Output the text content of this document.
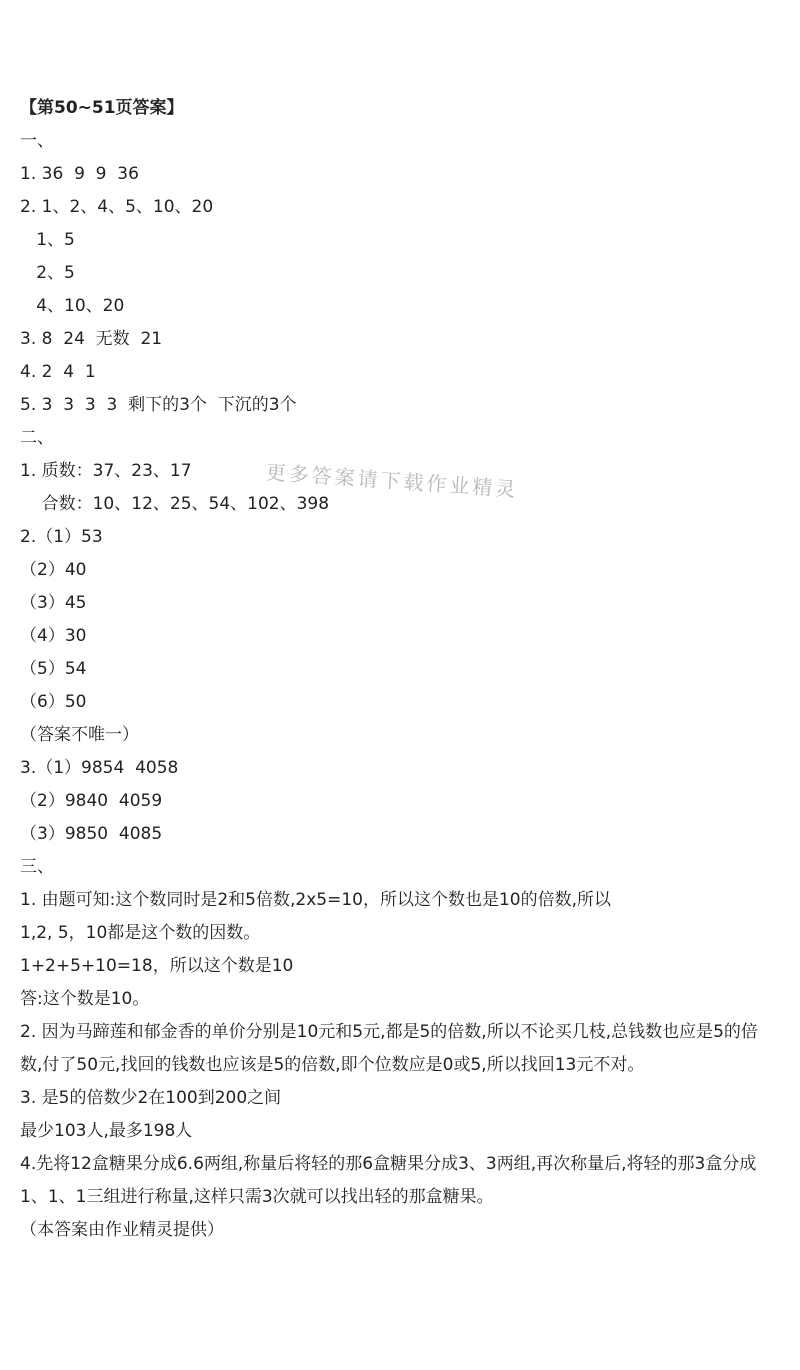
更多答案请下载作业精灵
【第50~51页答案】
一、
1. 36  9  9  36
2. 1、2、4、5、10、20
1、5
2、5
4、10、20
3. 8  24  无数  21
4. 2  4  1
5. 3  3  3  3  剩下的3个  下沉的3个
二、
1. 质数：37、23、17
合数：10、12、25、54、102、398
2.（1）53
（2）40
（3）45
（4）30
（5）54
（6）50
（答案不唯一）
3.（1）9854  4058
（2）9840  4059
（3）9850  4085
三、
1. 由题可知:这个数同时是2和5倍数,2x5=10，所以这个数也是10的倍数,所以
1,2, 5，10都是这个数的因数。
1+2+5+10=18，所以这个数是10
答:这个数是10。

2. 因为马蹄莲和郁金香的单价分别是10元和5元,都是5的倍数,所以不论买几枝,总钱数也应是5的倍数,付了50元,找回的钱数也应该是5的倍数,即个位数应是0或5,所以找回13元不对。

3. 是5的倍数少2在100到200之间
最少103人,最多198人

4.先将12盒糖果分成6.6两组,称量后将轻的那6盒糖果分成3、3两组,再次称量后,将轻的那3盒分成1、1、1三组进行称量,这样只需3次就可以找出轻的那盒糖果。

（本答案由作业精灵提供）
